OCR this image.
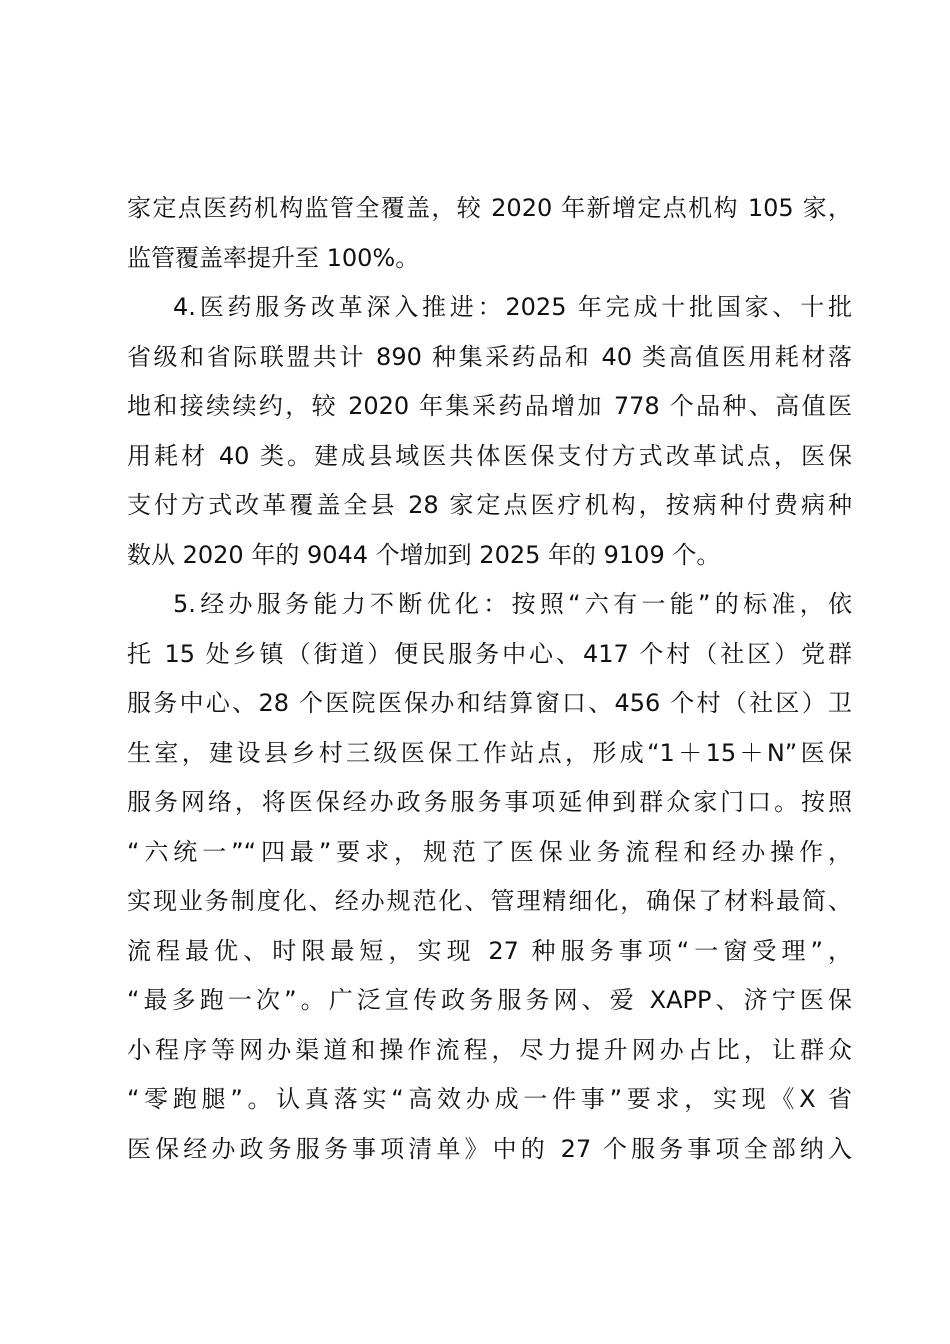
家定点医药机构监管全覆盖，较 2020 年新增定点机构 105 家，
监管覆盖率提升至 100%。
4.医药服务改革深入推进：2025 年完成十批国家、十批
省级和省际联盟共计 890 种集采药品和 40 类高值医用耗材落
地和接续续约，较 2020 年集采药品增加 778 个品种、高值医
用耗材 40 类。建成县域医共体医保支付方式改革试点，医保
支付方式改革覆盖全县 28 家定点医疗机构，按病种付费病种
数从 2020 年的 9044 个增加到 2025 年的 9109 个。
5.经办服务能力不断优化：按照“六有一能”的标准，依
托 15 处乡镇（街道）便民服务中心、417 个村（社区）党群
服务中心、28 个医院医保办和结算窗口、456 个村（社区）卫
生室，建设县乡村三级医保工作站点，形成“1＋15＋N”医保
服务网络，将医保经办政务服务事项延伸到群众家门口。按照
“六统一”“四最”要求，规范了医保业务流程和经办操作，
实现业务制度化、经办规范化、管理精细化，确保了材料最简、
流程最优、时限最短，实现 27 种服务事项“一窗受理”，
“最多跑一次”。广泛宣传政务服务网、爱 XAPP、济宁医保
小程序等网办渠道和操作流程，尽力提升网办占比，让群众
“零跑腿”。认真落实“高效办成一件事”要求，实现《X 省
医保经办政务服务事项清单》中的 27 个服务事项全部纳入
